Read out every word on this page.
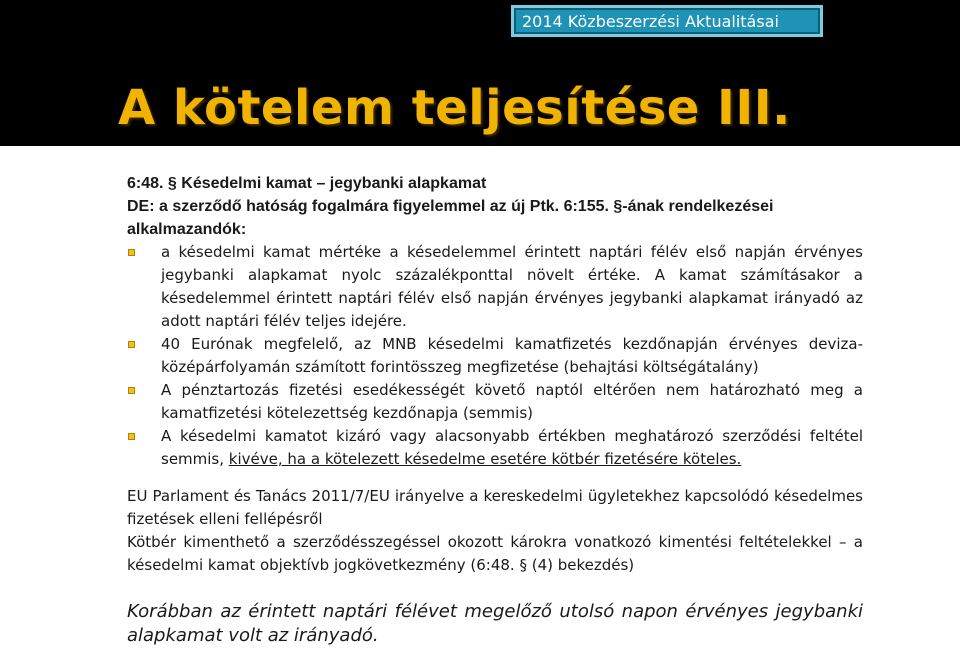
2014 Közbeszerzési Aktualitásai
A kötelem teljesítése III.
6:48. § Késedelmi kamat – jegybanki alapkamat
DE: a szerződő hatóság fogalmára figyelemmel az új Ptk. 6:155. §-ának rendelkezései alkalmazandók:
a késedelmi kamat mértéke a késedelemmel érintett naptári félév első napján érvényes jegybanki alapkamat nyolc százalékponttal növelt értéke. A kamat számításakor a késedelemmel érintett naptári félév első napján érvényes jegybanki alapkamat irányadó az adott naptári félév teljes idejére.
40 Eurónak megfelelő, az MNB késedelmi kamatfizetés kezdőnapján érvényes deviza-középárfolyamán számított forintösszeg megfizetése (behajtási költségátalány)
A pénztartozás fizetési esedékességét követő naptól eltérően nem határozható meg a kamatfizetési kötelezettség kezdőnapja (semmis)
A késedelmi kamatot kizáró vagy alacsonyabb értékben meghatározó szerződési feltétel semmis, kivéve, ha a kötelezett késedelme esetére kötbér fizetésére köteles.
EU Parlament és Tanács 2011/7/EU irányelve a kereskedelmi ügyletekhez kapcsolódó késedelmes fizetések elleni fellépésről
Kötbér kimenthető a szerződésszegéssel okozott károkra vonatkozó kimentési feltételekkel – a késedelmi kamat objektívb jogkövetkezmény (6:48. § (4) bekezdés)
Korábban az érintett naptári félévet megelőző utolsó napon érvényes jegybanki alapkamat volt az irányadó.
